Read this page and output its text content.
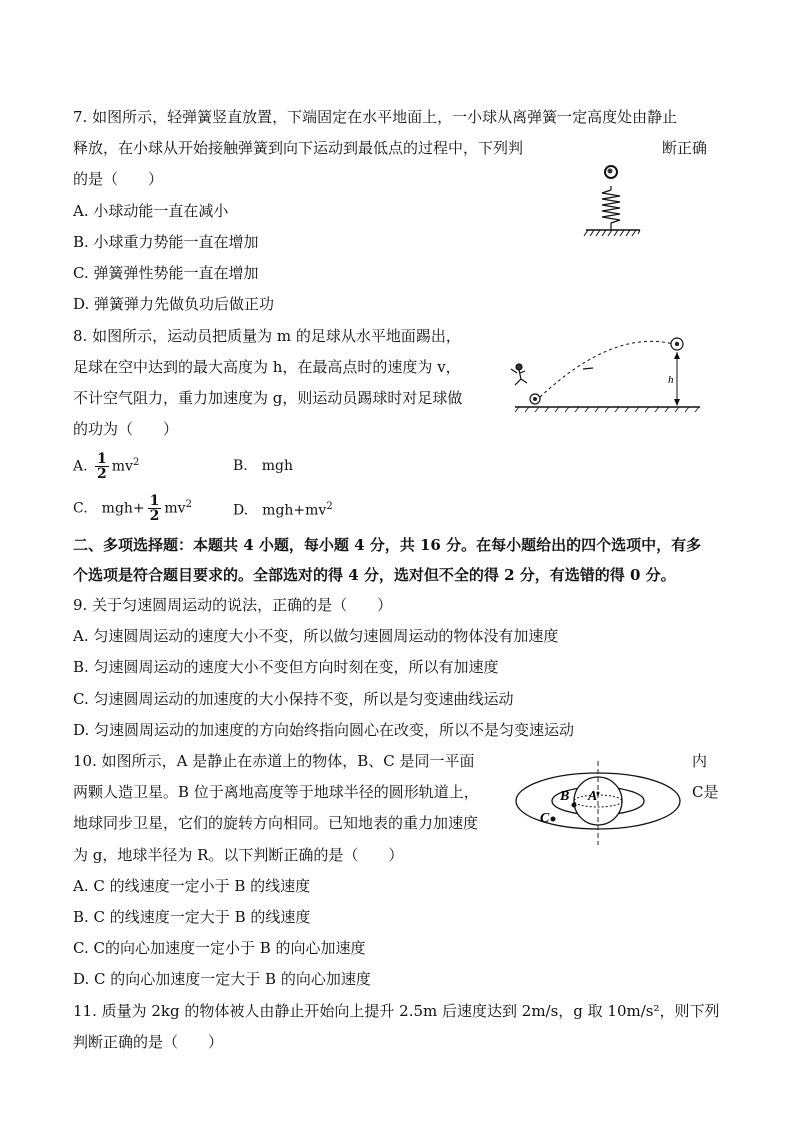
7. 如图所示，轻弹簧竖直放置，下端固定在水平地面上，一小球从离弹簧一定高度处由静止
释放，在小球从开始接触弹簧到向下运动到最低点的过程中，下列判	断正确
的是（　　）
A. 小球动能一直在减小
B. 小球重力势能一直在增加
C. 弹簧弹性势能一直在增加
D. 弹簧弹力先做负功后做正功
8. 如图所示，运动员把质量为 m 的足球从水平地面踢出，
足球在空中达到的最大高度为 h，在最高点时的速度为 v，
不计空气阻力，重力加速度为 g，则运动员踢球时对足球做
的功为（　　）
A. $\frac{1}{2} mv^2$	B.　mgh
C.　$mgh+ \frac{1}{2} mv^2$	D.　$mgh+mv^2$
h
二、多项选择题：本题共 4 小题，每小题 4 分，共 16 分。在每小题给出的四个选项中，有多
个选项是符合题目要求的。全部选对的得 4 分，选对但不全的得 2 分，有选错的得 0 分。
9. 关于匀速圆周运动的说法，正确的是（　　）
A. 匀速圆周运动的速度大小不变，所以做匀速圆周运动的物体没有加速度
B. 匀速圆周运动的速度大小不变但方向时刻在变，所以有加速度
C. 匀速圆周运动的加速度的大小保持不变，所以是匀变速曲线运动
D. 匀速圆周运动的加速度的方向始终指向圆心在改变，所以不是匀变速运动
10. 如图所示，A 是静止在赤道上的物体，B、C 是同一平面	内
两颗人造卫星。B 位于离地高度等于地球半径的圆形轨道上，	C是
地球同步卫星，它们的旋转方向相同。已知地表的重力加速度
为 g，地球半径为 R。以下判断正确的是（　　）
A. C 的线速度一定小于 B 的线速度
B. C 的线速度一定大于 B 的线速度
C. C的向心加速度一定小于 B 的向心加速度
D. C 的向心加速度一定大于 B 的向心加速度
A
B
C
11. 质量为 2kg 的物体被人由静止开始向上提升 2.5m 后速度达到 2m/s，g 取 10m/s²，则下列
判断正确的是（　　）
